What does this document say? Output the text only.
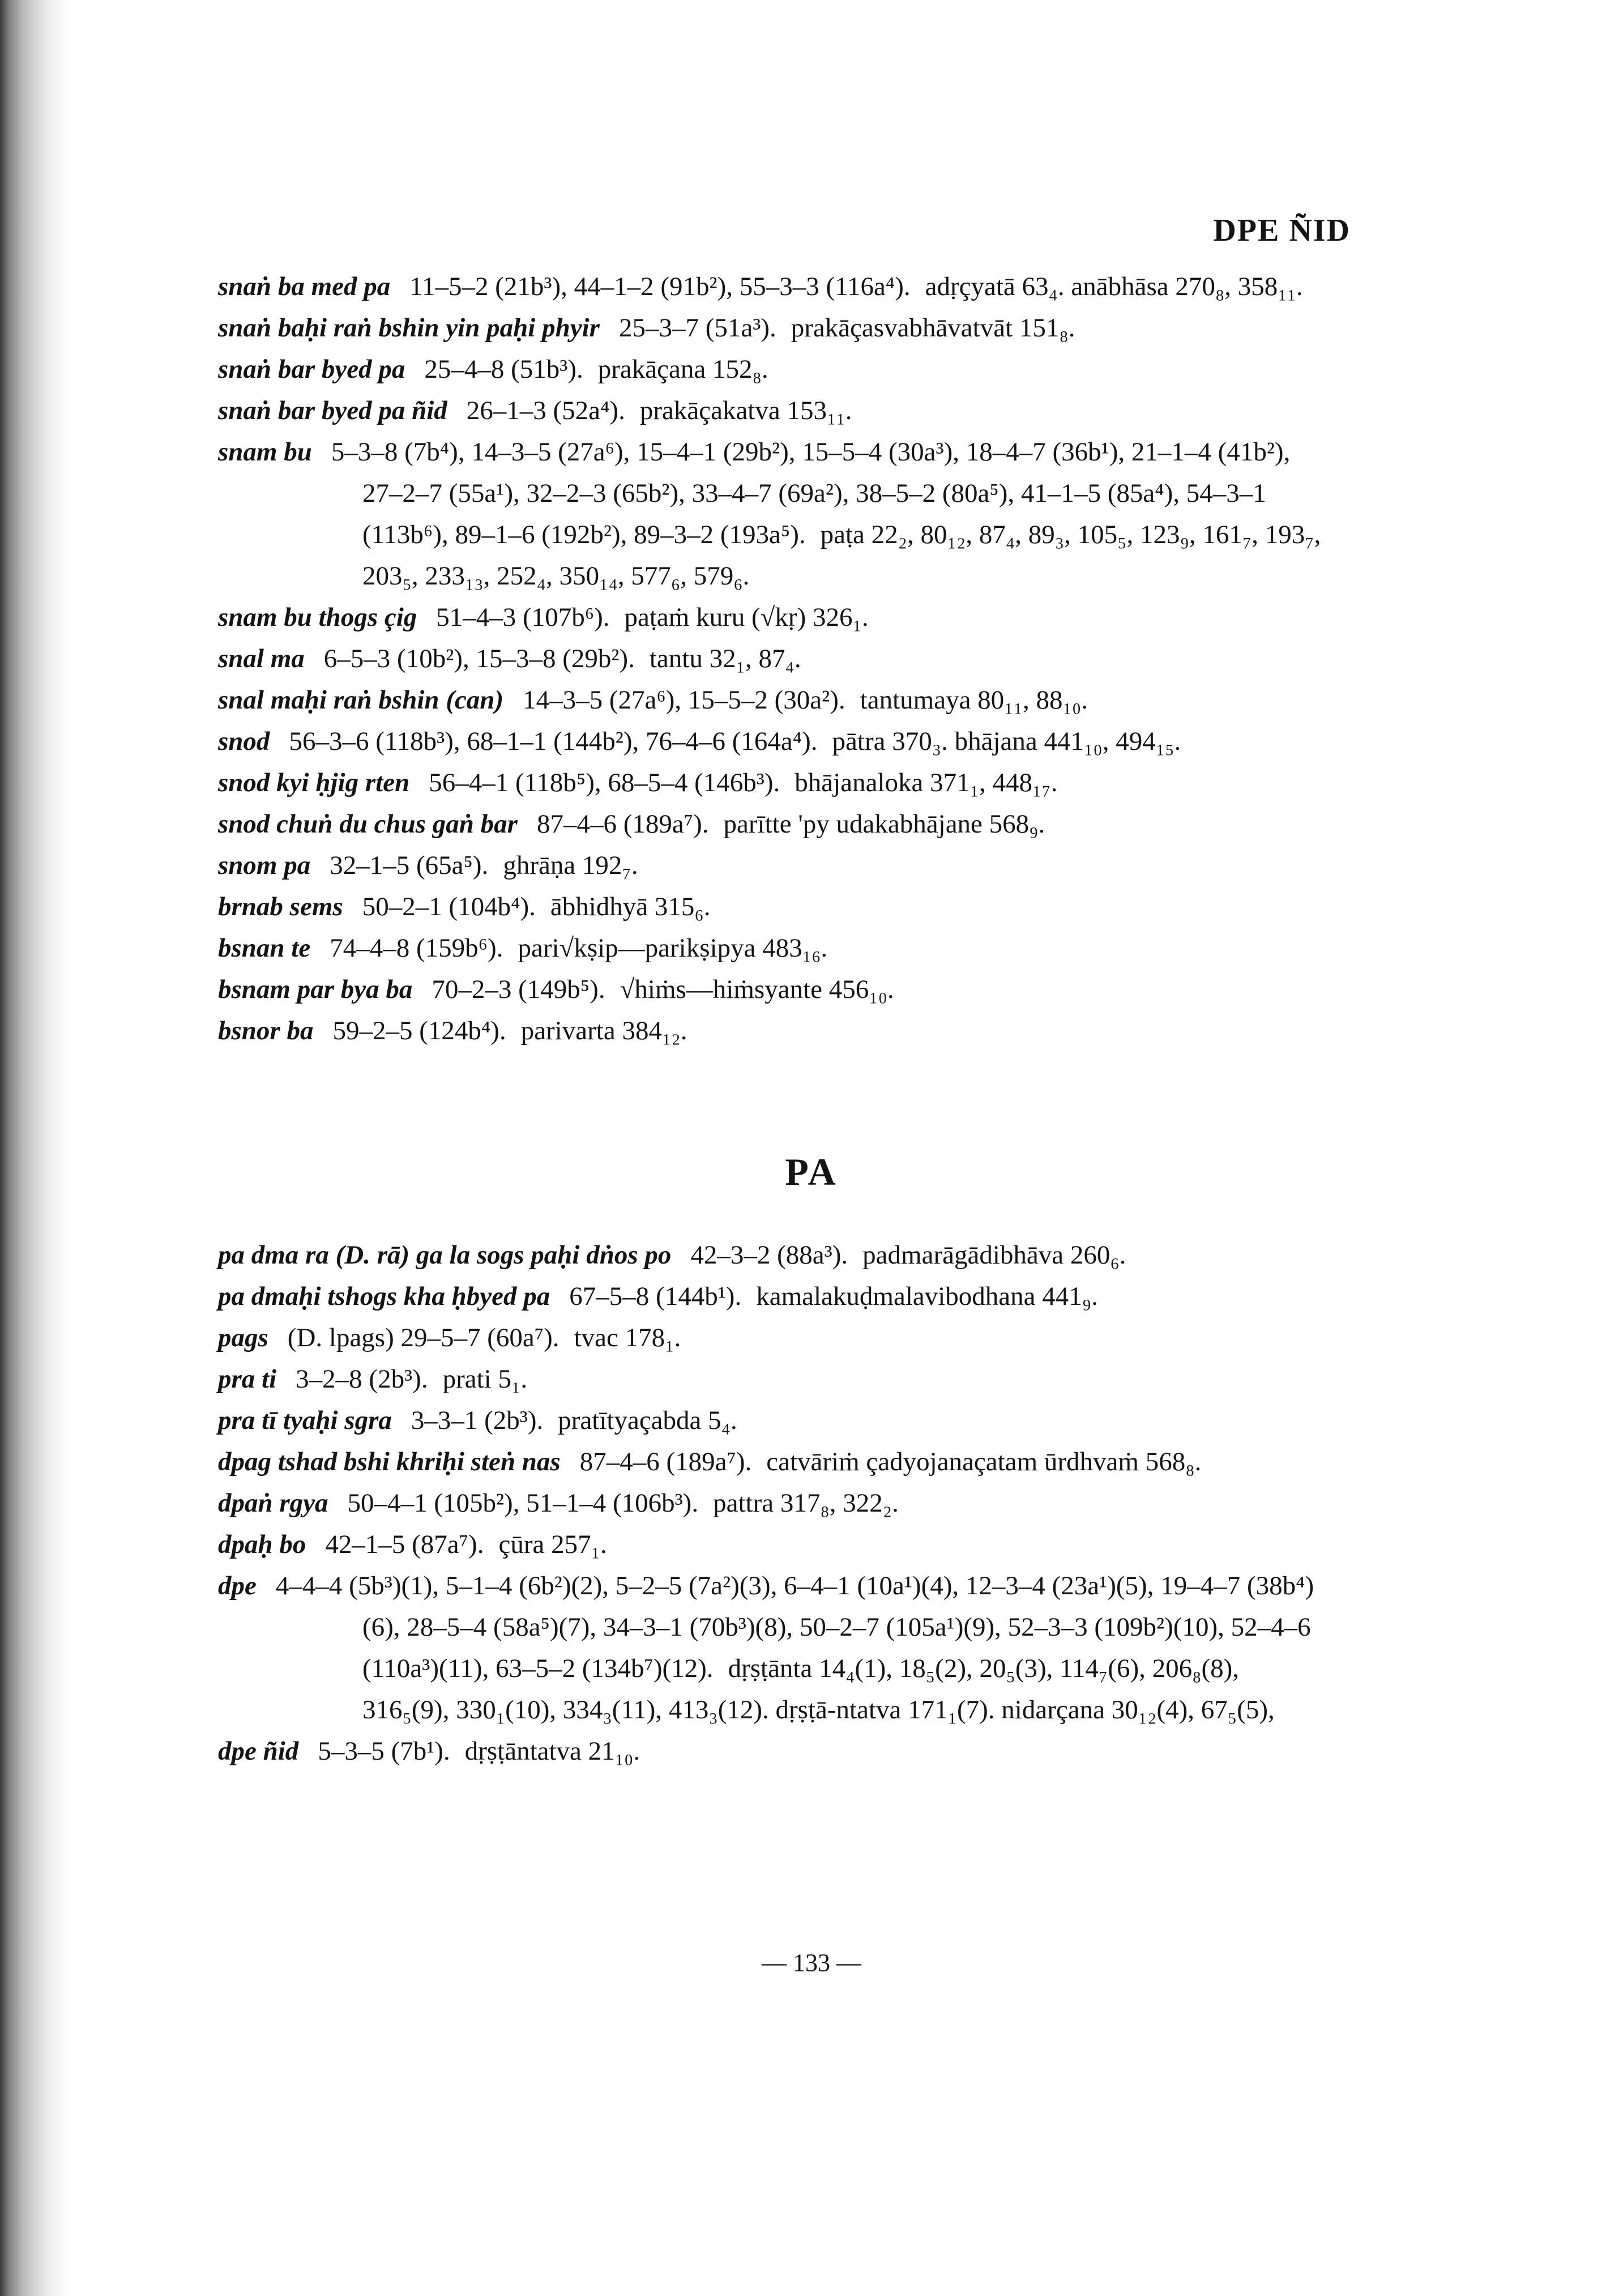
DPE ÑID
snaṅ ba med pa 11–5–2 (21b³), 44–1–2 (91b²), 55–3–3 (116a⁴). adṛçyatā 63₄. anābhāsa 270₈, 358₁₁.
snaṅ baḥi raṅ bshin yin paḥi phyir 25–3–7 (51a³). prakāçasvabhāvatvāt 151₈.
snaṅ bar byed pa 25–4–8 (51b³). prakāçana 152₈.
snaṅ bar byed pa ñid 26–1–3 (52a⁴). prakāçakatva 153₁₁.
snam bu 5–3–8 (7b⁴), 14–3–5 (27a⁶), 15–4–1 (29b²), 15–5–4 (30a³), 18–4–7 (36b¹), 21–1–4 (41b²), 27–2–7 (55a¹), 32–2–3 (65b²), 33–4–7 (69a²), 38–5–2 (80a⁵), 41–1–5 (85a⁴), 54–3–1 (113b⁶), 89–1–6 (192b²), 89–3–2 (193a⁵). paṭa 22₂, 80₁₂, 87₄, 89₃, 105₅, 123₉, 161₇, 193₇, 203₅, 233₁₃, 252₄, 350₁₄, 577₆, 579₆.
snam bu thogs çig 51–4–3 (107b⁶). paṭaṁ kuru (√kṛ) 326₁.
snal ma 6–5–3 (10b²), 15–3–8 (29b²). tantu 32₁, 87₄.
snal maḥi raṅ bshin (can) 14–3–5 (27a⁶), 15–5–2 (30a²). tantumaya 80₁₁, 88₁₀.
snod 56–3–6 (118b³), 68–1–1 (144b²), 76–4–6 (164a⁴). pātra 370₃. bhājana 441₁₀, 494₁₅.
snod kyi ḥjig rten 56–4–1 (118b⁵), 68–5–4 (146b³). bhājanaloka 371₁, 448₁₇.
snod chuṅ du chus gaṅ bar 87–4–6 (189a⁷). parītte 'py udakabhājane 568₉.
snom pa 32–1–5 (65a⁵). ghrāṇa 192₇.
brnab sems 50–2–1 (104b⁴). ābhidhyā 315₆.
bsnan te 74–4–8 (159b⁶). pari√kṣip—parikṣipya 483₁₆.
bsnam par bya ba 70–2–3 (149b⁵). √hiṁs—hiṁsyante 456₁₀.
bsnor ba 59–2–5 (124b⁴). parivarta 384₁₂.
PA
pa dma ra (D. rā) ga la sogs paḥi dṅos po 42–3–2 (88a³). padmarāgādibhāva 260₆.
pa dmaḥi tshogs kha ḥbyed pa 67–5–8 (144b¹). kamalakuḍmalavibodhana 441₉.
pags (D. lpags) 29–5–7 (60a⁷). tvac 178₁.
pra ti 3–2–8 (2b³). prati 5₁.
pra tī tyaḥi sgra 3–3–1 (2b³). pratītyaçabda 5₄.
dpag tshad bshi khriḥi steṅ nas 87–4–6 (189a⁷). catvāriṁ çadyojanaçatam ūrdhvaṁ 568₈.
dpaṅ rgya 50–4–1 (105b²), 51–1–4 (106b³). pattra 317₈, 322₂.
dpaḥ bo 42–1–5 (87a⁷). çūra 257₁.
dpe 4–4–4 (5b³)(1), 5–1–4 (6b²)(2), 5–2–5 (7a²)(3), 6–4–1 (10a¹)(4), 12–3–4 (23a¹)(5), 19–4–7 (38b⁴)(6), 28–5–4 (58a⁵)(7), 34–3–1 (70b³)(8), 50–2–7 (105a¹)(9), 52–3–3 (109b²)(10), 52–4–6 (110a³)(11), 63–5–2 (134b⁷)(12). dṛṣṭānta 14₄(1), 18₅(2), 20₅(3), 114₇(6), 206₈(8), 316₅(9), 330₁(10), 334₃(11), 413₃(12). dṛṣṭā-ntatva 171₁(7). nidarçana 30₁₂(4), 67₅(5),
dpe ñid 5–3–5 (7b¹). dṛṣṭāntatva 21₁₀.
— 133 —
